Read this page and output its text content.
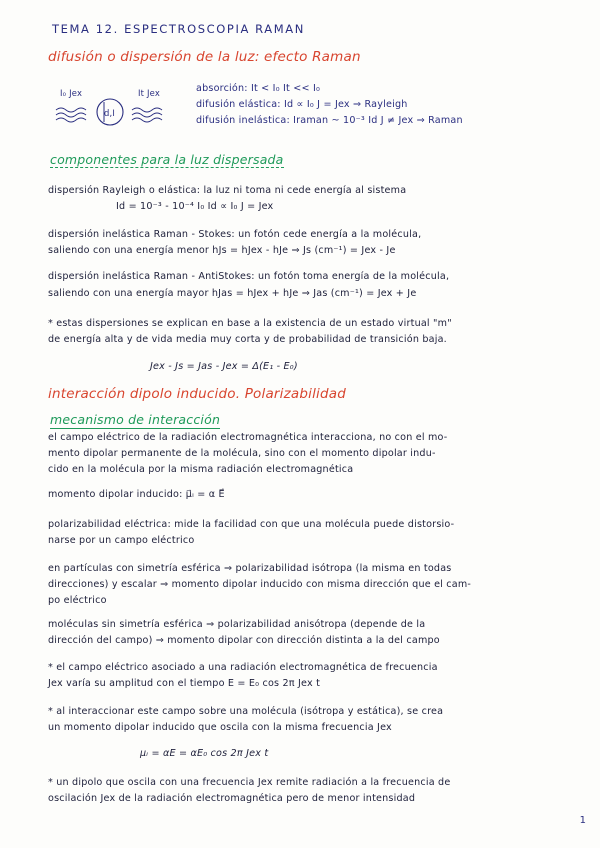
TEMA 12. ESPECTROSCOPIA RAMAN
difusión o dispersión de la luz: efecto Raman
I₀ Jex	It Jex
d,I
absorción: It < I₀ It << I₀
difusión elástica: Id ∝ I₀ J = Jex ⇒ Rayleigh
difusión inelástica: Iraman ~ 10⁻³ Id J ≠ Jex ⇒ Raman
componentes para la luz dispersada
dispersión Rayleigh o elástica: la luz ni toma ni cede energía al sistema
Id = 10⁻³ - 10⁻⁴ I₀ Id ∝ I₀ J = Jex
dispersión inelástica Raman - Stokes: un fotón cede energía a la molécula,
saliendo con una energía menor hJs = hJex - hJe ⇒ Js (cm⁻¹) = Jex - Je
dispersión inelástica Raman - AntiStokes: un fotón toma energía de la molécula,
saliendo con una energía mayor hJas = hJex + hJe ⇒ Jas (cm⁻¹) = Jex + Je
* estas dispersiones se explican en base a la existencia de un estado virtual "m"
de energía alta y de vida media muy corta y de probabilidad de transición baja.
Jex - Js = Jas - Jex = Δ(E₁ - E₀)
interacción dipolo inducido. Polarizabilidad
mecanismo de interacción
el campo eléctrico de la radiación electromagnética interacciona, no con el mo-
mento dipolar permanente de la molécula, sino con el momento dipolar indu-
cido en la molécula por la misma radiación electromagnética
momento dipolar inducido: μ⃗ᵢ = α E⃗
polarizabilidad eléctrica: mide la facilidad con que una molécula puede distorsio-
narse por un campo eléctrico
en partículas con simetría esférica ⇒ polarizabilidad isótropa (la misma en todas
direcciones) y escalar ⇒ momento dipolar inducido con misma dirección que el cam-
po eléctrico
moléculas sin simetría esférica ⇒ polarizabilidad anisótropa (depende de la
dirección del campo) ⇒ momento dipolar con dirección distinta a la del campo
* el campo eléctrico asociado a una radiación electromagnética de frecuencia
Jex varía su amplitud con el tiempo E = E₀ cos 2π Jex t
* al interaccionar este campo sobre una molécula (isótropa y estática), se crea
un momento dipolar inducido que oscila con la misma frecuencia Jex
μᵢ = αE = αE₀ cos 2π Jex t
* un dipolo que oscila con una frecuencia Jex remite radiación a la frecuencia de
oscilación Jex de la radiación electromagnética pero de menor intensidad
1
